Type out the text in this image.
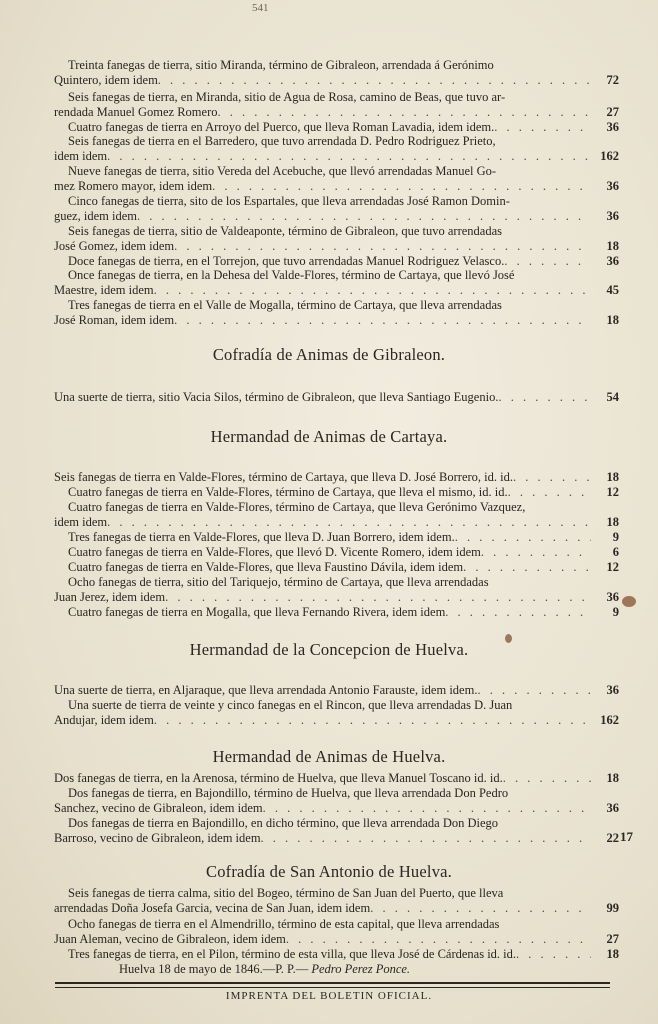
541
Treinta fanegas de tierra, sitio Miranda, término de Gibraleon, arrendada á Gerónimo
Quintero, idem idem . . .	72
Seis fanegas de tierra, en Miranda, sitio de Agua de Rosa, camino de Beas, que tuvo ar-
rendada Manuel Gomez Romero . . .	27
Cuatro fanegas de tierra en Arroyo del Puerco, que lleva Roman Lavadia, idem idem. . . .	36
Seis fanegas de tierra en el Barredero, que tuvo arrendada D. Pedro Rodriguez Prieto,
idem idem . . .	162
Nueve fanegas de tierra, sitio Vereda del Acebuche, que llevó arrendadas Manuel Go-
mez Romero mayor, idem idem . . .	36
Cinco fanegas de tierra, sito de los Espartales, que lleva arrendadas José Ramon Domin-
guez, idem idem . . .	36
Seis fanegas de tierra, sitio de Valdeaponte, término de Gibraleon, que tuvo arrendadas
José Gomez, idem idem . . .	18
Doce fanegas de tierra, en el Torrejon, que tuvo arrendadas Manuel Rodriguez Velasco. . . .	36
Once fanegas de tierra, en la Dehesa del Valde-Flores, término de Cartaya, que llevó José
Maestre, idem idem . . .	45
Tres fanegas de tierra en el Valle de Mogalla, término de Cartaya, que lleva arrendadas
José Roman, idem idem . . .	18
Cofradía de Animas de Gibraleon.
Una suerte de tierra, sitio Vacia Silos, término de Gibraleon, que lleva Santiago Eugenio. . . .	54
Hermandad de Animas de Cartaya.
Seis fanegas de tierra en Valde-Flores, término de Cartaya, que lleva D. José Borrero, id. id. . . .	18
Cuatro fanegas de tierra en Valde-Flores, término de Cartaya, que lleva el mismo, id. id. . . .	12
Cuatro fanegas de tierra en Valde-Flores, término de Cartaya, que lleva Gerónimo Vazquez,
idem idem . . .	18
Tres fanegas de tierra en Valde-Flores, que lleva D. Juan Borrero, idem idem. . . .	9
Cuatro fanegas de tierra en Valde-Flores, que llevó D. Vicente Romero, idem idem . . .	6
Cuatro fanegas de tierra en Valde-Flores, que lleva Faustino Dávila, idem idem . . .	12
Ocho fanegas de tierra, sitio del Tariquejo, término de Cartaya, que lleva arrendadas
Juan Jerez, idem idem . . .	36
Cuatro fanegas de tierra en Mogalla, que lleva Fernando Rivera, idem idem . . .	9
Hermandad de la Concepcion de Huelva.
Una suerte de tierra, en Aljaraque, que lleva arrendada Antonio Farauste, idem idem. . . .	36
Una suerte de tierra de veinte y cinco fanegas en el Rincon, que lleva arrendadas D. Juan
Andujar, idem idem . . .	162
Hermandad de Animas de Huelva.
Dos fanegas de tierra, en la Arenosa, término de Huelva, que lleva Manuel Toscano id. id. . . .	18
Dos fanegas de tierra, en Bajondillo, término de Huelva, que lleva arrendada Don Pedro
Sanchez, vecino de Gibraleon, idem idem . . .	36
Dos fanegas de tierra en Bajondillo, en dicho término, que lleva arrendada Don Diego
Barroso, vecino de Gibraleon, idem idem . . .	22 17
Cofradía de San Antonio de Huelva.
Seis fanegas de tierra calma, sitio del Bogeo, término de San Juan del Puerto, que lleva
arrendadas Doña Josefa Garcia, vecina de San Juan, idem idem . . .	99
Ocho fanegas de tierra en el Almendrillo, término de esta capital, que lleva arrendadas
Juan Aleman, vecino de Gibraleon, idem idem . . .	27
Tres fanegas de tierra, en el Pilon, término de esta villa, que lleva José de Cárdenas id. id. . . .	18
Huelva 18 de mayo de 1846.—P. P.— Pedro Perez Ponce.
IMPRENTA DEL BOLETIN OFICIAL.
